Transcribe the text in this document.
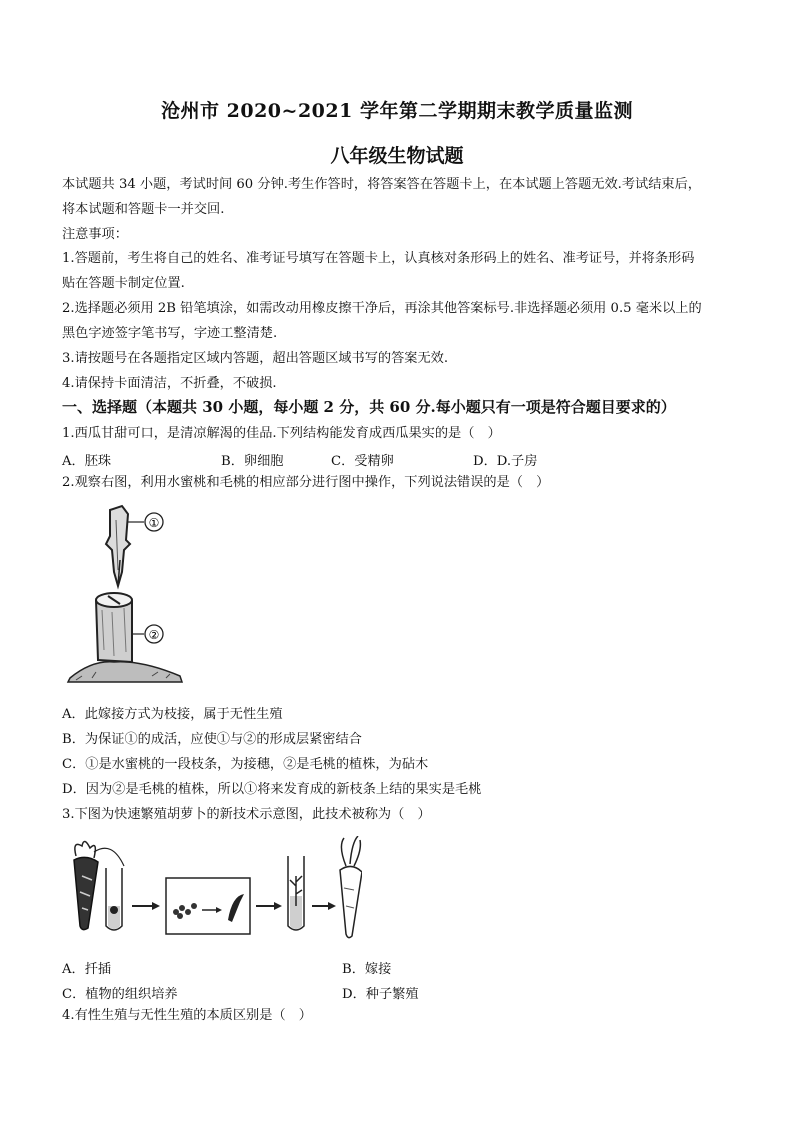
沧州市 2020~2021 学年第二学期期末教学质量监测
八年级生物试题
本试题共 34 小题，考试时间 60 分钟.考生作答时，将答案答在答题卡上，在本试题上答题无效.考试结束后，
将本试题和答题卡一并交回.
注意事项：
1.答题前，考生将自己的姓名、准考证号填写在答题卡上，认真核对条形码上的姓名、准考证号，并将条形码
贴在答题卡制定位置.
2.选择题必须用 2B 铅笔填涂，如需改动用橡皮擦干净后，再涂其他答案标号.非选择题必须用 0.5 毫米以上的
黑色字迹签字笔书写，字迹工整清楚.
3.请按题号在各题指定区域内答题，超出答题区域书写的答案无效.
4.请保持卡面清洁，不折叠，不破损.
一、选择题（本题共 30 小题，每小题 2 分，共 60 分.每小题只有一项是符合题目要求的）
1.西瓜甘甜可口，是清凉解渴的佳品.下列结构能发育成西瓜果实的是（　）
A．胚珠	B．卵细胞	C．受精卵	D．D.子房
2.观察右图，利用水蜜桃和毛桃的相应部分进行图中操作，下列说法错误的是（　）
①
②
A．此嫁接方式为枝接，属于无性生殖
B．为保证①的成活，应使①与②的形成层紧密结合
C．①是水蜜桃的一段枝条，为接穗，②是毛桃的植株，为砧木
D．因为②是毛桃的植株，所以①将来发育成的新枝条上结的果实是毛桃
3.下图为快速繁殖胡萝卜的新技术示意图，此技术被称为（　）
A．扦插	B．嫁接
C．植物的组织培养	D．种子繁殖
4.有性生殖与无性生殖的本质区别是（　）
